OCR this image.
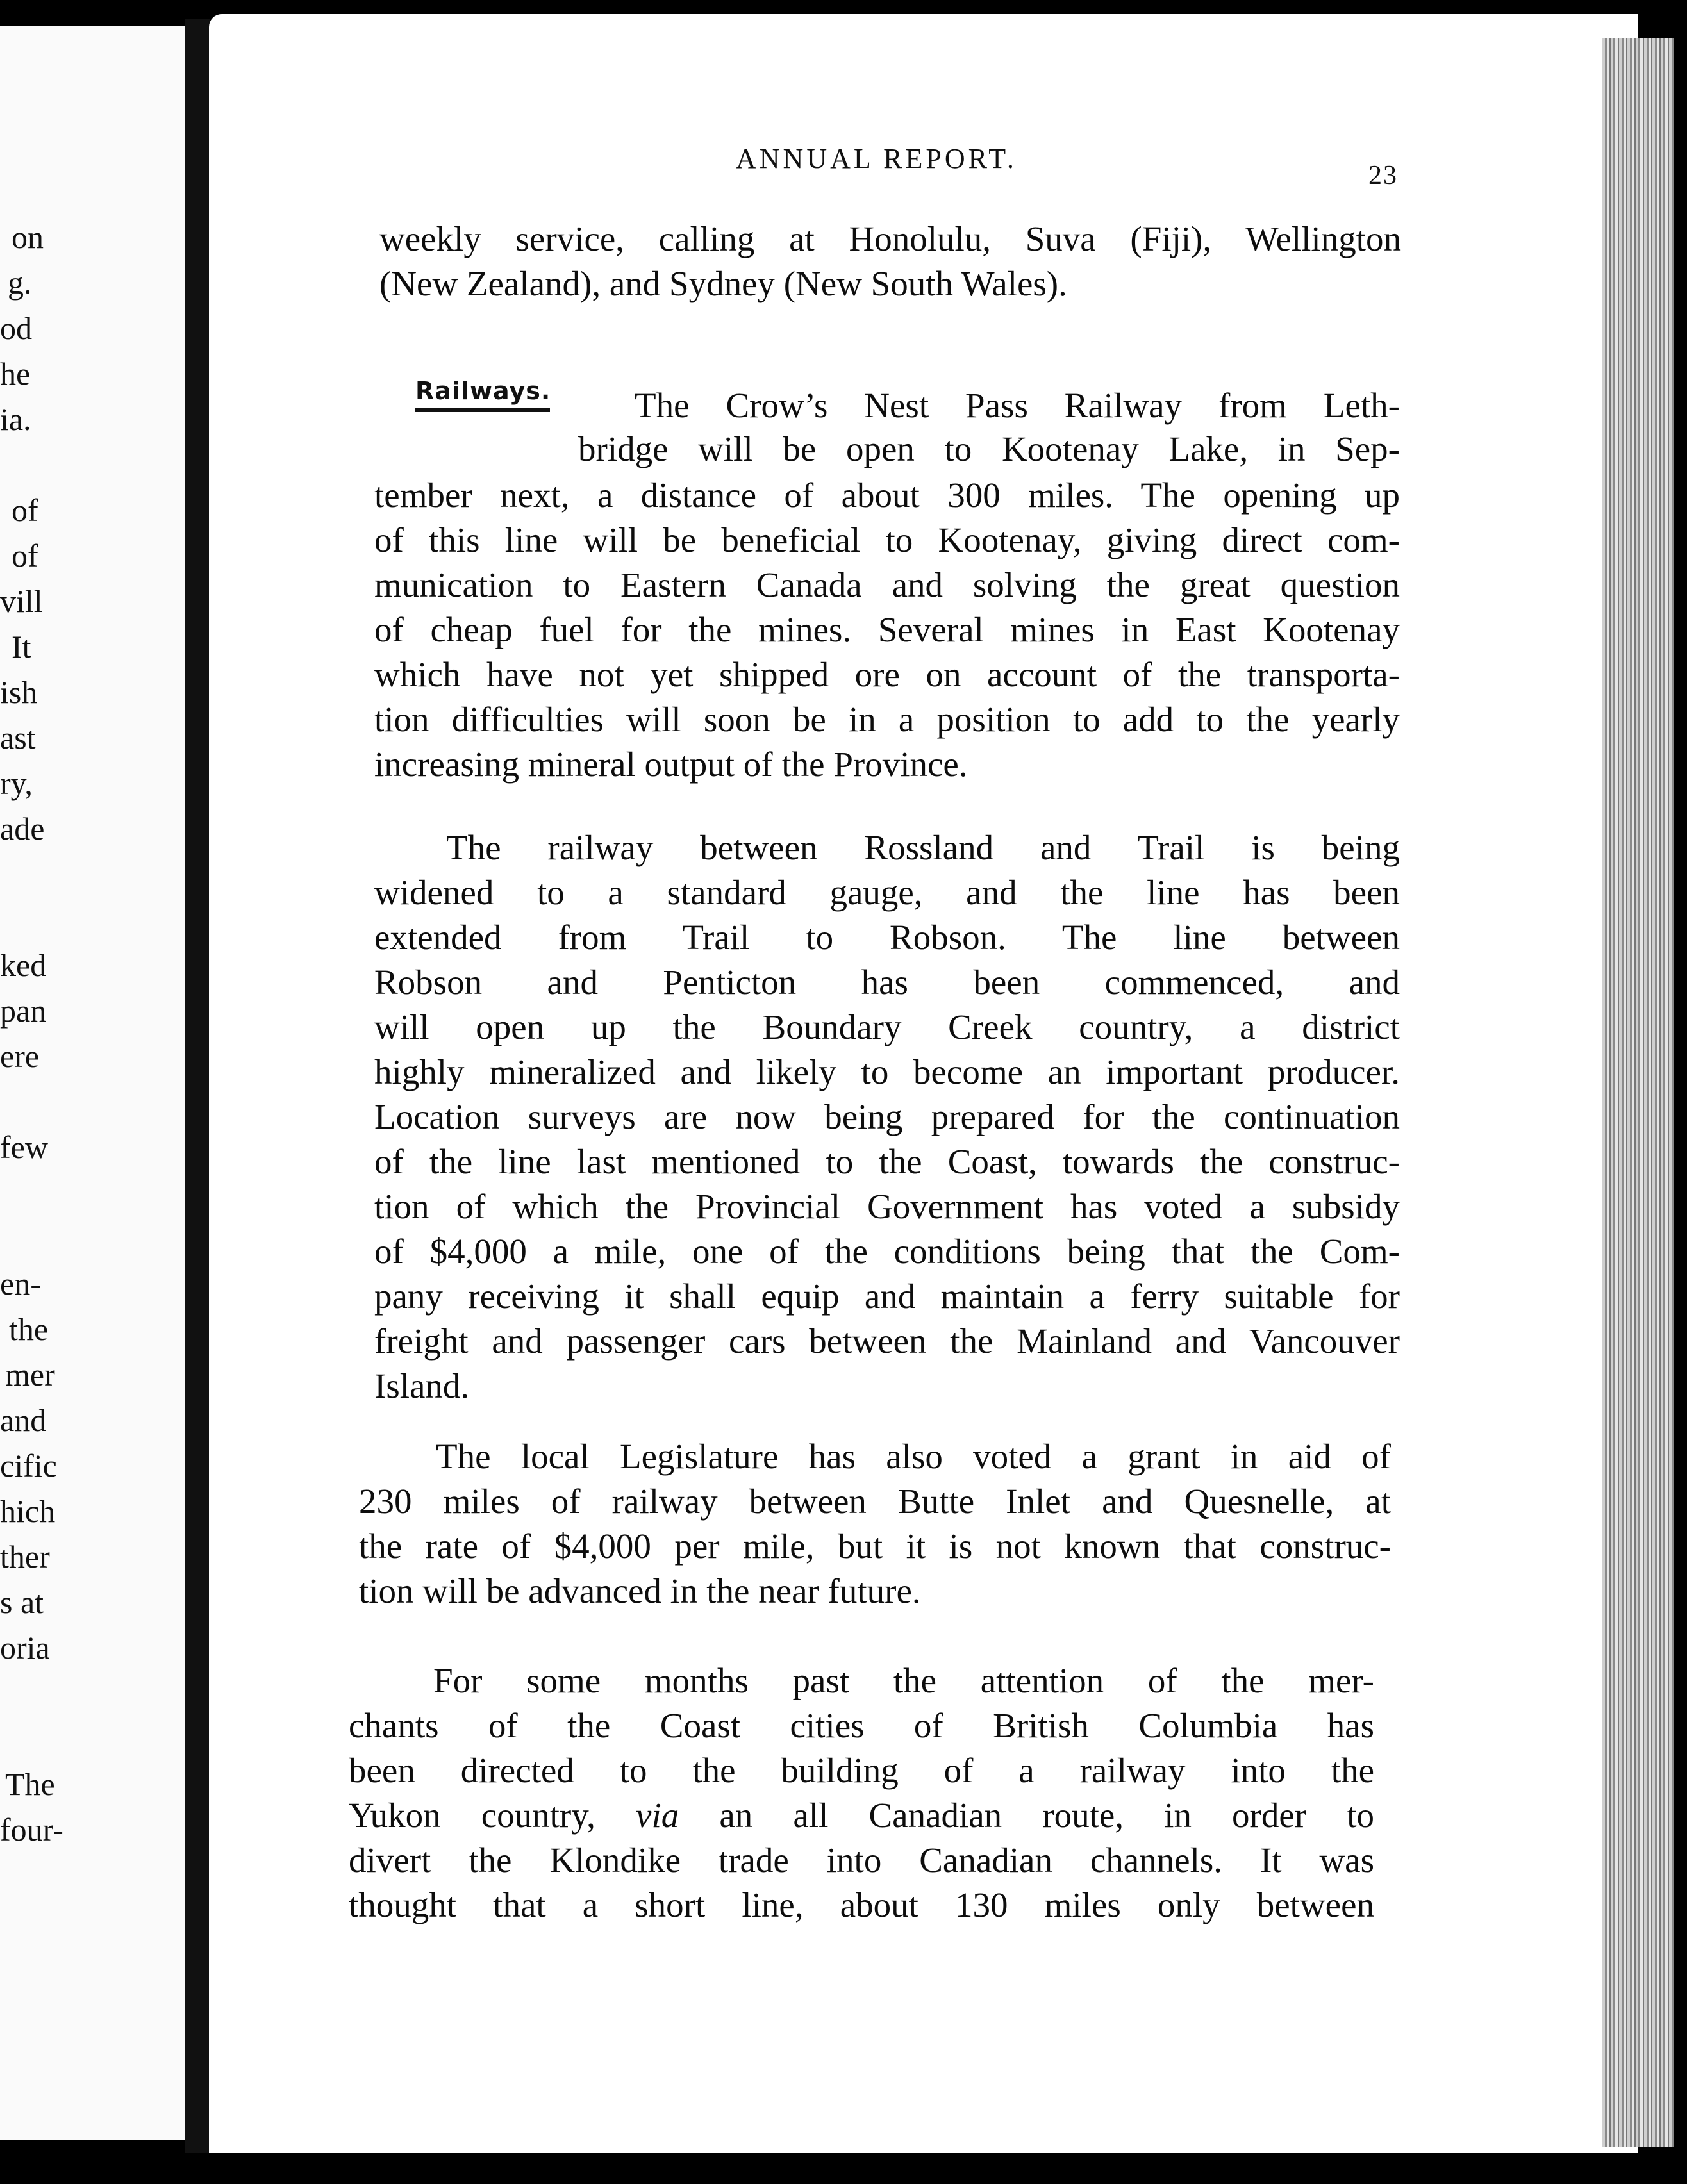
on
g.
od
he
ia.
of
of
vill
It
ish
ast
ry,
ade
ked
pan
ere
few
en-
the
mer
and
cific
hich
ther
s at
oria
The
four-
ANNUAL REPORT.
23
Railways.
weekly service, calling at Honolulu, Suva (Fiji), Wellington
(New Zealand), and Sydney (New South Wales).
The Crow’s Nest Pass Railway from Leth-
bridge will be open to Kootenay Lake, in Sep-
tember next, a distance of about 300 miles. The opening up
of this line will be beneficial to Kootenay, giving direct com-
munication to Eastern Canada and solving the great question
of cheap fuel for the mines. Several mines in East Kootenay
which have not yet shipped ore on account of the transporta-
tion difficulties will soon be in a position to add to the yearly
increasing mineral output of the Province.
The railway between Rossland and Trail is being
widened to a standard gauge, and the line has been
extended from Trail to Robson. The line between
Robson and Penticton has been commenced, and
will open up the Boundary Creek country, a district
highly mineralized and likely to become an important producer.
Location surveys are now being prepared for the continuation
of the line last mentioned to the Coast, towards the construc-
tion of which the Provincial Government has voted a subsidy
of $4,000 a mile, one of the conditions being that the Com-
pany receiving it shall equip and maintain a ferry suitable for
freight and passenger cars between the Mainland and Vancouver
Island.
The local Legislature has also voted a grant in aid of
230 miles of railway between Butte Inlet and Quesnelle, at
the rate of $4,000 per mile, but it is not known that construc-
tion will be advanced in the near future.
For some months past the attention of the mer-
chants of the Coast cities of British Columbia has
been directed to the building of a railway into the
Yukon country, via an all Canadian route, in order to
divert the Klondike trade into Canadian channels. It was
thought that a short line, about 130 miles only between
